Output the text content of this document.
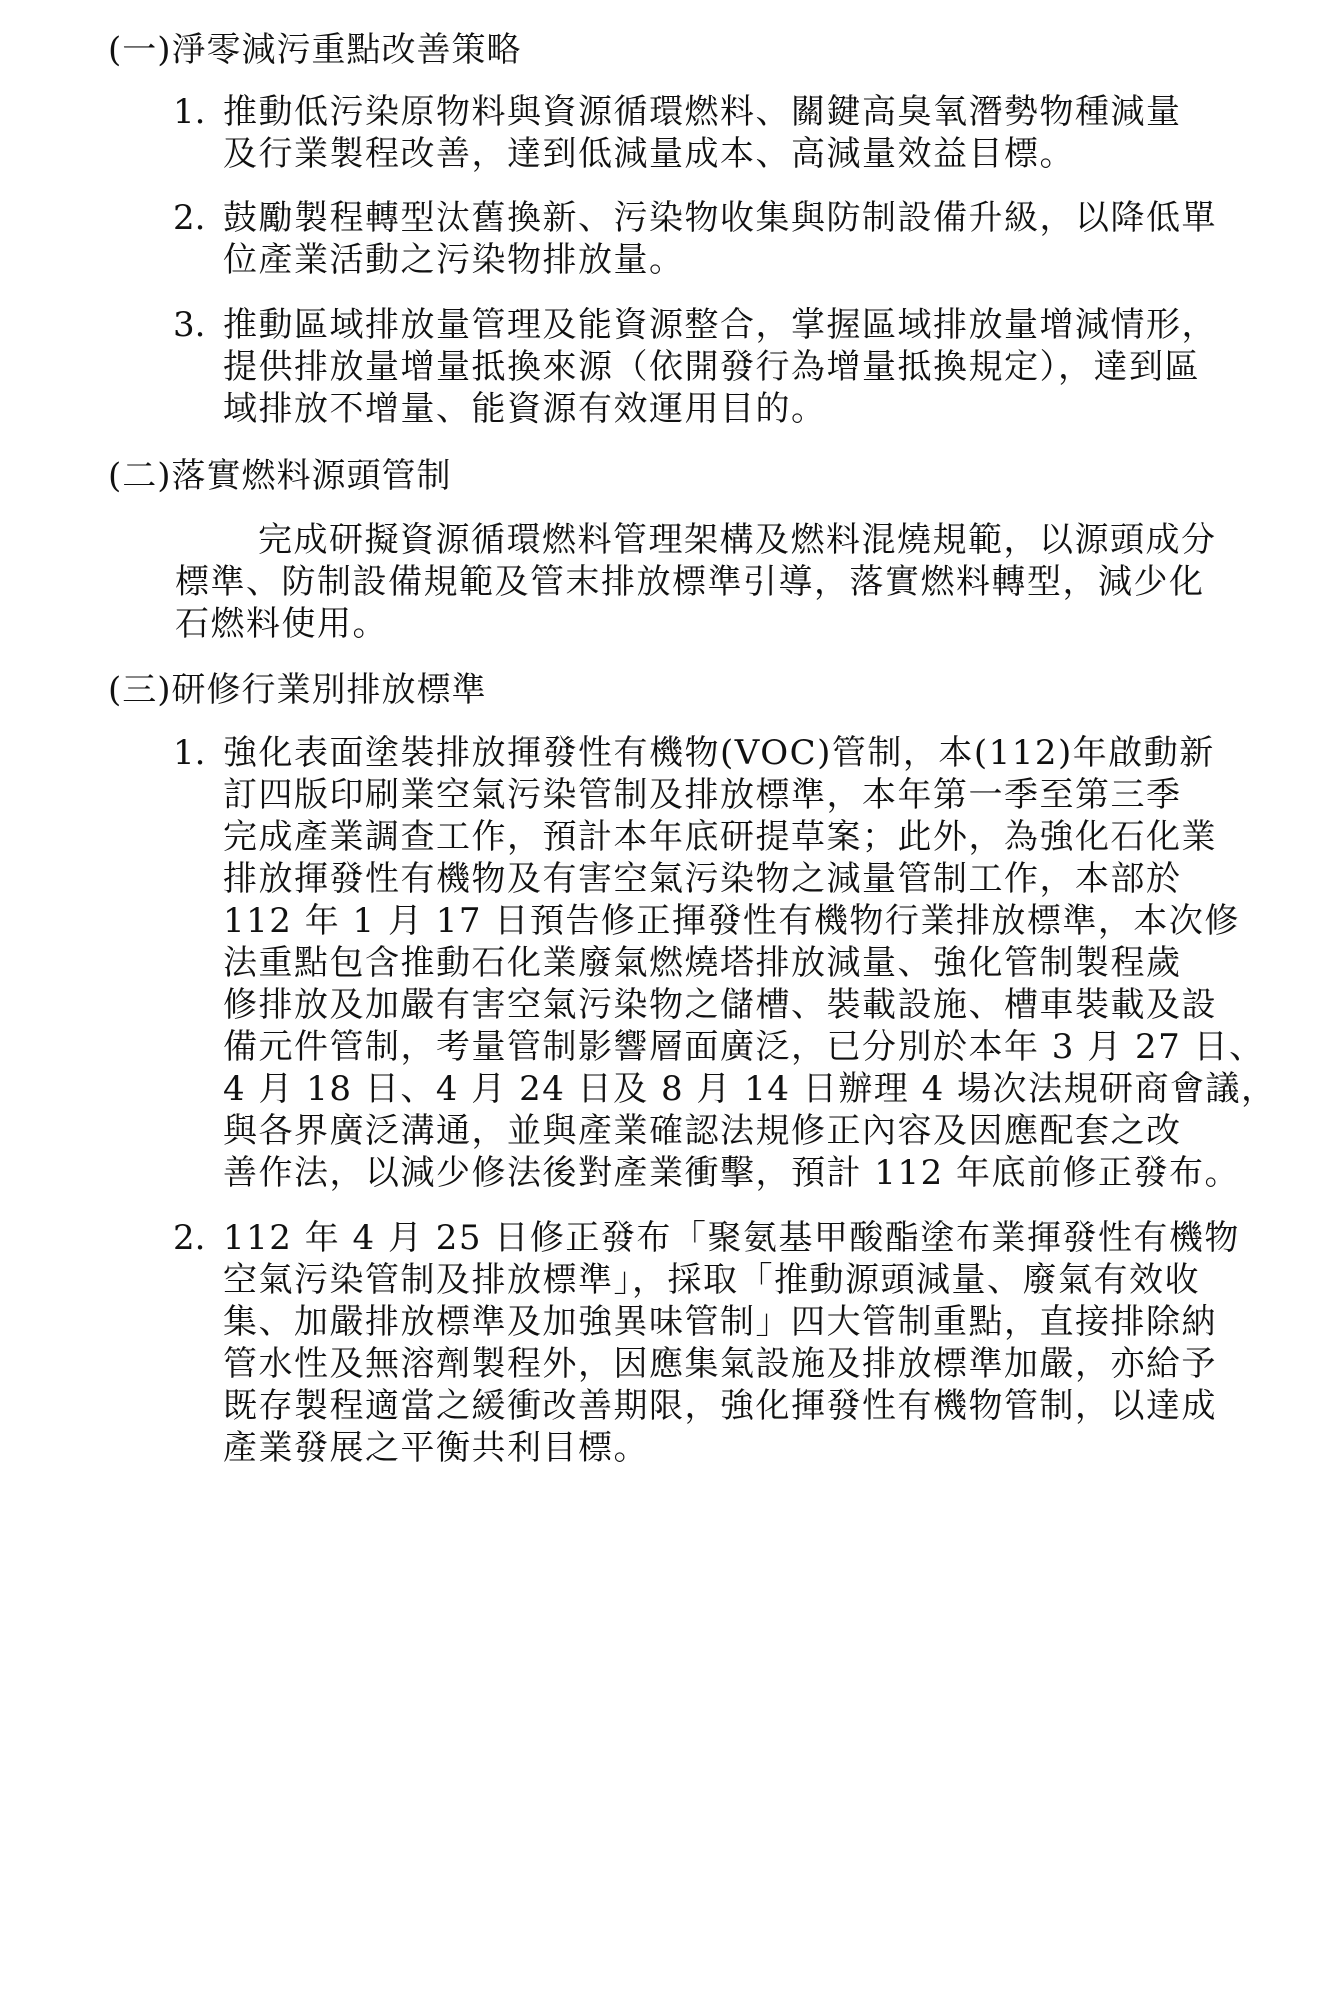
(一)淨零減污重點改善策略
1. 推動低污染原物料與資源循環燃料、關鍵高臭氧潛勢物種減量
及行業製程改善，達到低減量成本、高減量效益目標。
2. 鼓勵製程轉型汰舊換新、污染物收集與防制設備升級，以降低單
位產業活動之污染物排放量。
3. 推動區域排放量管理及能資源整合，掌握區域排放量增減情形，
提供排放量增量抵換來源（依開發行為增量抵換規定），達到區
域排放不增量、能資源有效運用目的。
(二)落實燃料源頭管制
完成研擬資源循環燃料管理架構及燃料混燒規範，以源頭成分
標準、防制設備規範及管末排放標準引導，落實燃料轉型，減少化
石燃料使用。
(三)研修行業別排放標準
1. 強化表面塗裝排放揮發性有機物(VOC)管制，本(112)年啟動新
訂四版印刷業空氣污染管制及排放標準，本年第一季至第三季
完成產業調查工作，預計本年底研提草案；此外，為強化石化業
排放揮發性有機物及有害空氣污染物之減量管制工作，本部於
112 年 1 月 17 日預告修正揮發性有機物行業排放標準，本次修
法重點包含推動石化業廢氣燃燒塔排放減量、強化管制製程歲
修排放及加嚴有害空氣污染物之儲槽、裝載設施、槽車裝載及設
備元件管制，考量管制影響層面廣泛，已分別於本年 3 月 27 日、
4 月 18 日、4 月 24 日及 8 月 14 日辦理 4 場次法規研商會議，
與各界廣泛溝通，並與產業確認法規修正內容及因應配套之改
善作法，以減少修法後對產業衝擊，預計 112 年底前修正發布。
2. 112 年 4 月 25 日修正發布「聚氨基甲酸酯塗布業揮發性有機物
空氣污染管制及排放標準」，採取「推動源頭減量、廢氣有效收
集、加嚴排放標準及加強異味管制」四大管制重點，直接排除納
管水性及無溶劑製程外，因應集氣設施及排放標準加嚴，亦給予
既存製程適當之緩衝改善期限，強化揮發性有機物管制，以達成
產業發展之平衡共利目標。
